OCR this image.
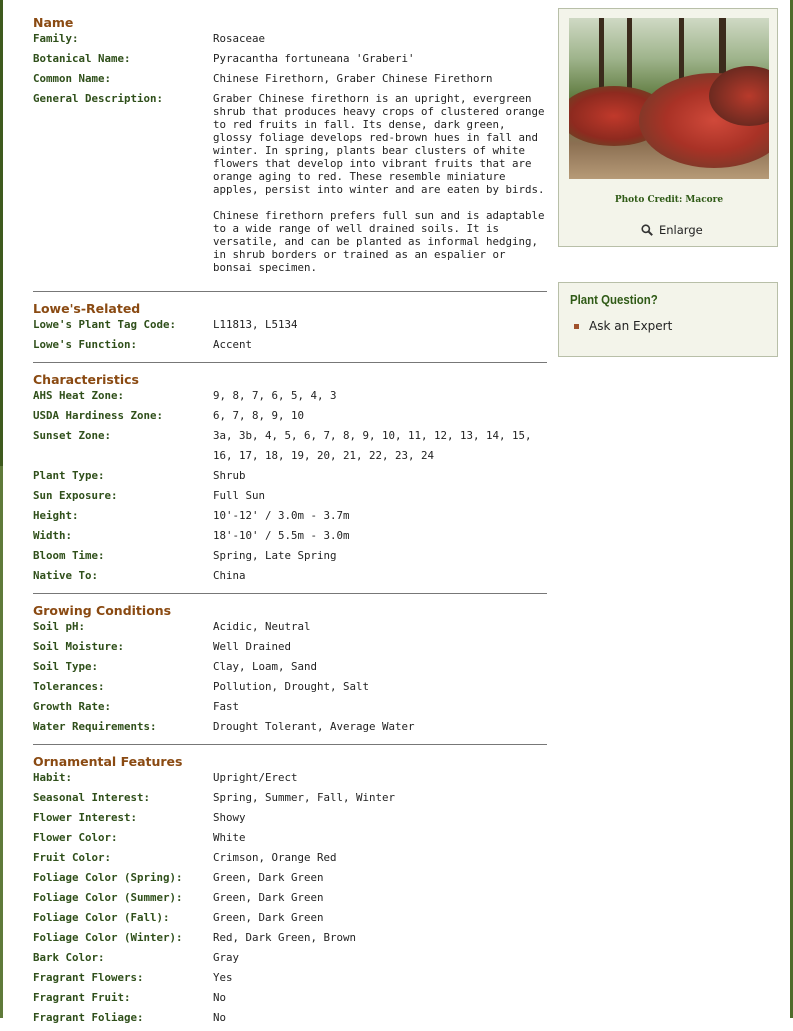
Name
Family:	Rosaceae
Botanical Name:	Pyracantha fortuneana 'Graberi'
Common Name:	Chinese Firethorn, Graber Chinese Firethorn
General Description:	Graber Chinese firethorn is an upright, evergreen shrub that produces heavy crops of clustered orange to red fruits in fall. Its dense, dark green, glossy foliage develops red-brown hues in fall and winter. In spring, plants bear clusters of white flowers that develop into vibrant fruits that are orange aging to red. These resemble miniature apples, persist into winter and are eaten by birds.

Chinese firethorn prefers full sun and is adaptable to a wide range of well drained soils. It is versatile, and can be planted as informal hedging, in shrub borders or trained as an espalier or bonsai specimen.

Lowe's-Related
Lowe's Plant Tag Code:	L11813, L5134
Lowe's Function:	Accent
Characteristics
AHS Heat Zone:	9, 8, 7, 6, 5, 4, 3
USDA Hardiness Zone:	6, 7, 8, 9, 10
Sunset Zone:	3a, 3b, 4, 5, 6, 7, 8, 9, 10, 11, 12, 13, 14, 15, 16, 17, 18, 19, 20, 21, 22, 23, 24
Plant Type:	Shrub
Sun Exposure:	Full Sun
Height:	10'-12' / 3.0m - 3.7m
Width:	18'-10' / 5.5m - 3.0m
Bloom Time:	Spring, Late Spring
Native To:	China
Growing Conditions
Soil pH:	Acidic, Neutral
Soil Moisture:	Well Drained
Soil Type:	Clay, Loam, Sand
Tolerances:	Pollution, Drought, Salt
Growth Rate:	Fast
Water Requirements:	Drought Tolerant, Average Water
Ornamental Features
Habit:	Upright/Erect
Seasonal Interest:	Spring, Summer, Fall, Winter
Flower Interest:	Showy
Flower Color:	White
Fruit Color:	Crimson, Orange Red
Foliage Color (Spring):	Green, Dark Green
Foliage Color (Summer):	Green, Dark Green
Foliage Color (Fall):	Green, Dark Green
Foliage Color (Winter):	Red, Dark Green, Brown
Bark Color:	Gray
Fragrant Flowers:	Yes
Fragrant Fruit:	No
Fragrant Foliage:	No
Photo Credit: Macore
Enlarge
Plant Question?
Ask an Expert
